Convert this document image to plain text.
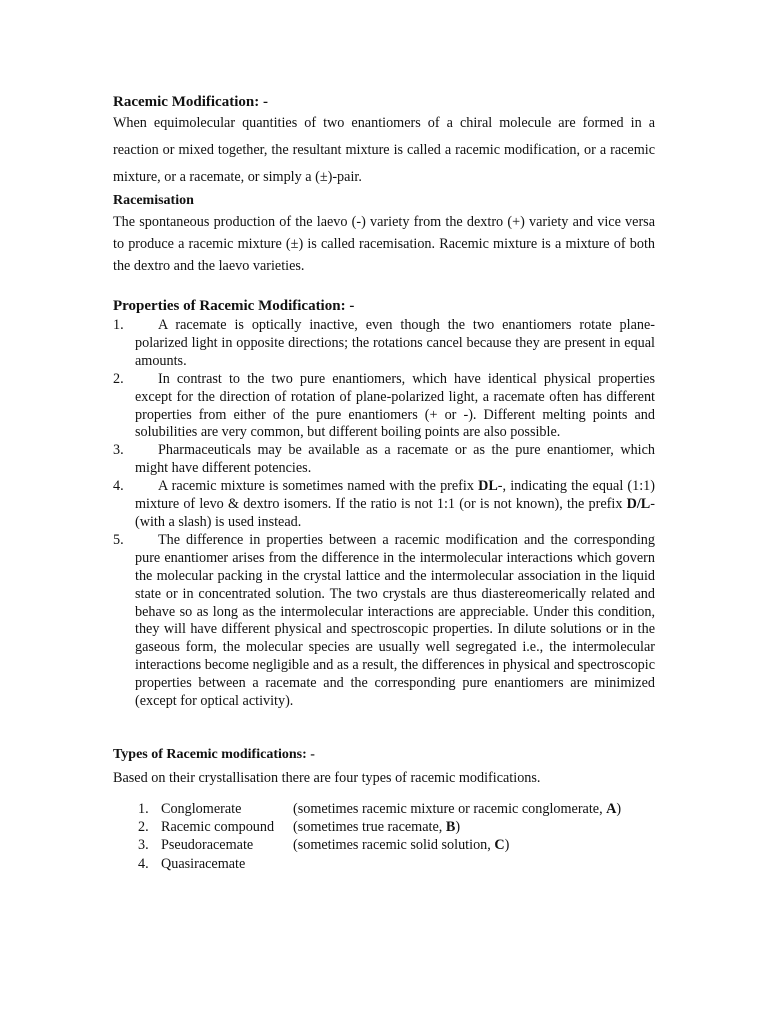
Racemic Modification: -
When equimolecular quantities of two enantiomers of a chiral molecule are formed in a reaction or mixed together, the resultant mixture is called a racemic modification, or a racemic mixture, or a racemate, or simply a (±)-pair.
Racemisation
The spontaneous production of the laevo (-) variety from the dextro (+) variety and vice versa to produce a racemic mixture (±) is called racemisation. Racemic mixture is a mixture of both the dextro and the laevo varieties.
Properties of Racemic Modification: -
1.	A racemate is optically inactive, even though the two enantiomers rotate plane-polarized light in opposite directions; the rotations cancel because they are present in equal amounts.
2.	In contrast to the two pure enantiomers, which have identical physical properties except for the direction of rotation of plane-polarized light, a racemate often has different properties from either of the pure enantiomers (+ or -). Different melting points and solubilities are very common, but different boiling points are also possible.
3.	Pharmaceuticals may be available as a racemate or as the pure enantiomer, which might have different potencies.
4.	A racemic mixture is sometimes named with the prefix DL-, indicating the equal (1:1) mixture of levo & dextro isomers. If the ratio is not 1:1 (or is not known), the prefix D/L- (with a slash) is used instead.
5.	The difference in properties between a racemic modification and the corresponding pure enantiomer arises from the difference in the intermolecular interactions which govern the molecular packing in the crystal lattice and the intermolecular association in the liquid state or in concentrated solution. The two crystals are thus diastereomerically related and behave so as long as the intermolecular interactions are appreciable. Under this condition, they will have different physical and spectroscopic properties. In dilute solutions or in the gaseous form, the molecular species are usually well segregated i.e., the intermolecular interactions become negligible and as a result, the differences in physical and spectroscopic properties between a racemate and the corresponding pure enantiomers are minimized (except for optical activity).
Types of Racemic modifications: -
Based on their crystallisation there are four types of racemic modifications.
1. Conglomerate	(sometimes racemic mixture or racemic conglomerate, A)
2. Racemic compound	(sometimes true racemate, B)
3. Pseudoracemate	(sometimes racemic solid solution, C)
4. Quasiracemate
